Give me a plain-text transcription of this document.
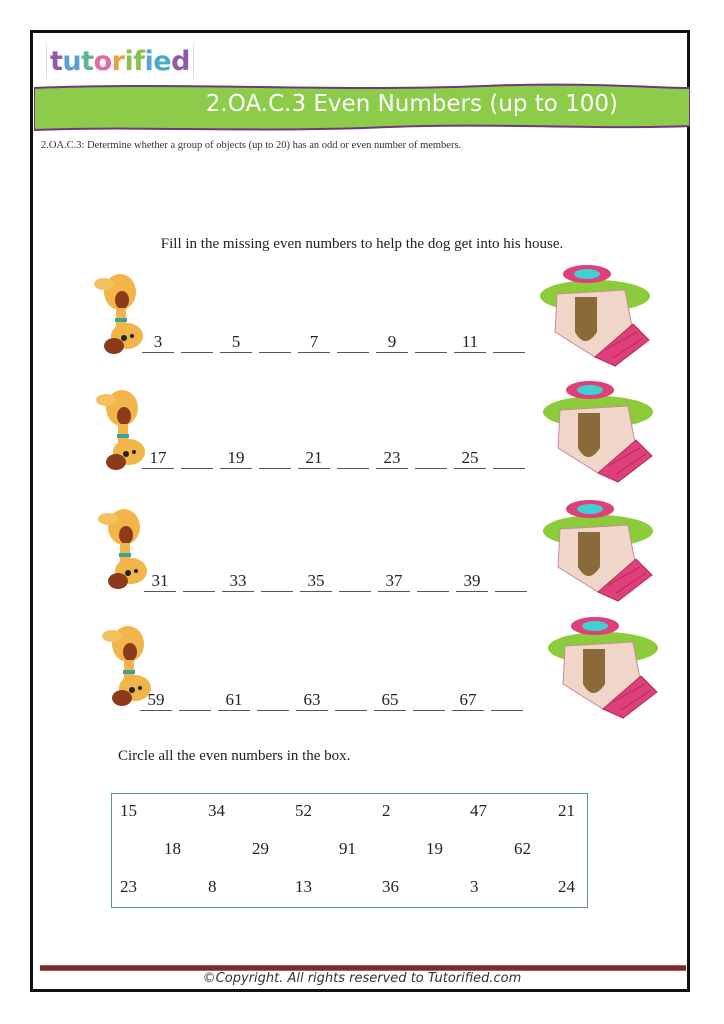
t u t o r i f i e d
2.OA.C.3 Even Numbers (up to 100)
2.OA.C.3: Determine whether a group of objects (up to 20) has an odd or even number of members.
Fill in the missing even numbers to help the dog get into his house.
3	5	7	9	11
17	19	21	23	25
31	33	35	37	39
59	61	63	65	67
Circle all the even numbers in the box.
15	34	52	2	47	21
18	29	91	19	62
23	8	13	36	3	24
©Copyright. All rights reserved to Tutorified.com
